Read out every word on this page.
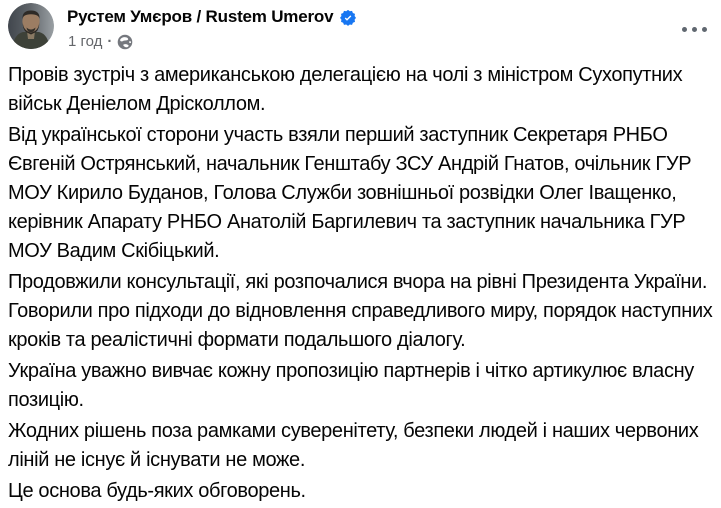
Рустем Умєров / Rustem Umerov
1 год ·

Провів зустріч з американською делегацією на чолі з міністром Сухопутних військ Деніелом Дрісколлом.

Від української сторони участь взяли перший заступник Секретаря РНБО Євгеній Острянський, начальник Генштабу ЗСУ Андрій Гнатов, очільник ГУР МОУ Кирило Буданов, Голова Служби зовнішньої розвідки Олег Іващенко, керівник Апарату РНБО Анатолій Баргилевич та заступник начальника ГУР МОУ Вадим Скібіцький.

Продовжили консультації, які розпочалися вчора на рівні Президента України. Говорили про підходи до відновлення справедливого миру, порядок наступних кроків та реалістичні формати подальшого діалогу.

Україна уважно вивчає кожну пропозицію партнерів і чітко артикулює власну позицію.

Жодних рішень поза рамками суверенітету, безпеки людей і наших червоних ліній не існує й існувати не може.

Це основа будь-яких обговорень.
